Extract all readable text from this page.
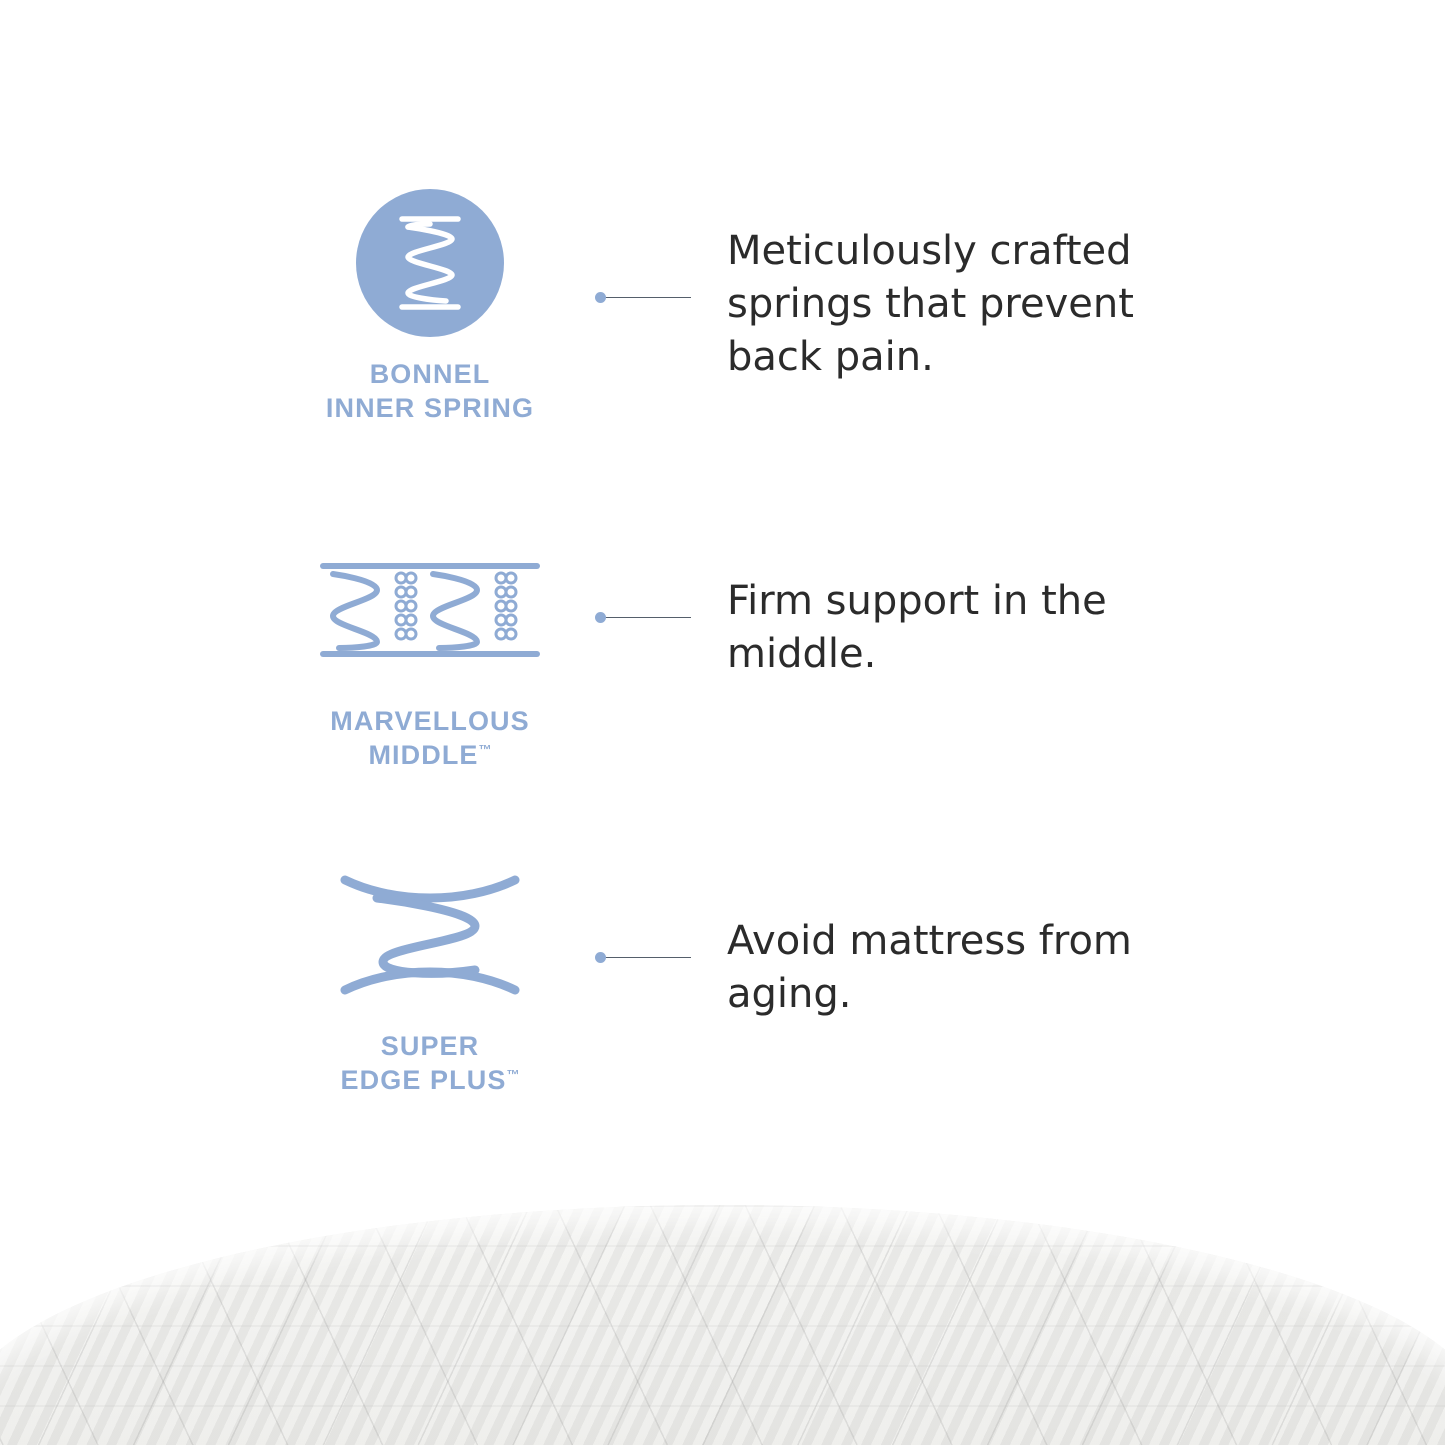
BONNEL
INNER SPRING
Meticulously crafted springs that prevent back pain.
MARVELLOUS
MIDDLE™
Firm support in the middle.
SUPER
EDGE PLUS™
Avoid mattress from aging.
